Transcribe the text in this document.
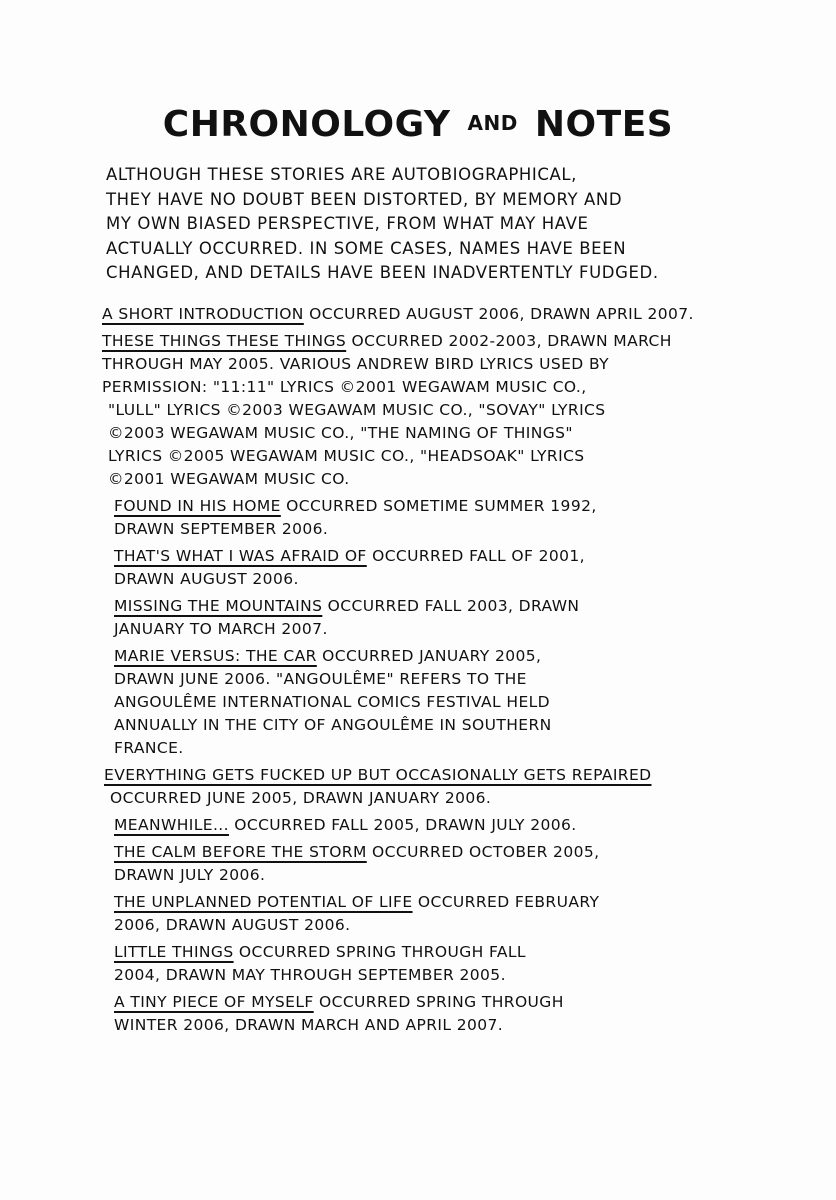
CHRONOLOGY AND NOTES

ALTHOUGH THESE STORIES ARE AUTOBIOGRAPHICAL,
THEY HAVE NO DOUBT BEEN DISTORTED, BY MEMORY AND
MY OWN BIASED PERSPECTIVE, FROM WHAT MAY HAVE
ACTUALLY OCCURRED. IN SOME CASES, NAMES HAVE BEEN
CHANGED, AND DETAILS HAVE BEEN INADVERTENTLY FUDGED.

A SHORT INTRODUCTION OCCURRED AUGUST 2006, DRAWN APRIL 2007.
THESE THINGS THESE THINGS OCCURRED 2002-2003, DRAWN MARCH
THROUGH MAY 2005. VARIOUS ANDREW BIRD LYRICS USED BY
PERMISSION: "11:11" LYRICS ©2001 WEGAWAM MUSIC CO.,
"LULL" LYRICS ©2003 WEGAWAM MUSIC CO., "SOVAY" LYRICS
©2003 WEGAWAM MUSIC CO., "THE NAMING OF THINGS"
LYRICS ©2005 WEGAWAM MUSIC CO., "HEADSOAK" LYRICS
©2001 WEGAWAM MUSIC CO.
FOUND IN HIS HOME OCCURRED SOMETIME SUMMER 1992,
DRAWN SEPTEMBER 2006.
THAT'S WHAT I WAS AFRAID OF OCCURRED FALL OF 2001,
DRAWN AUGUST 2006.
MISSING THE MOUNTAINS OCCURRED FALL 2003, DRAWN
JANUARY TO MARCH 2007.
MARIE VERSUS: THE CAR OCCURRED JANUARY 2005,
DRAWN JUNE 2006. "ANGOULÊME" REFERS TO THE
ANGOULÊME INTERNATIONAL COMICS FESTIVAL HELD
ANNUALLY IN THE CITY OF ANGOULÊME IN SOUTHERN
FRANCE.
EVERYTHING GETS FUCKED UP BUT OCCASIONALLY GETS REPAIRED
OCCURRED JUNE 2005, DRAWN JANUARY 2006.
MEANWHILE... OCCURRED FALL 2005, DRAWN JULY 2006.
THE CALM BEFORE THE STORM OCCURRED OCTOBER 2005,
DRAWN JULY 2006.
THE UNPLANNED POTENTIAL OF LIFE OCCURRED FEBRUARY
2006, DRAWN AUGUST 2006.
LITTLE THINGS OCCURRED SPRING THROUGH FALL
2004, DRAWN MAY THROUGH SEPTEMBER 2005.
A TINY PIECE OF MYSELF OCCURRED SPRING THROUGH
WINTER 2006, DRAWN MARCH AND APRIL 2007.
